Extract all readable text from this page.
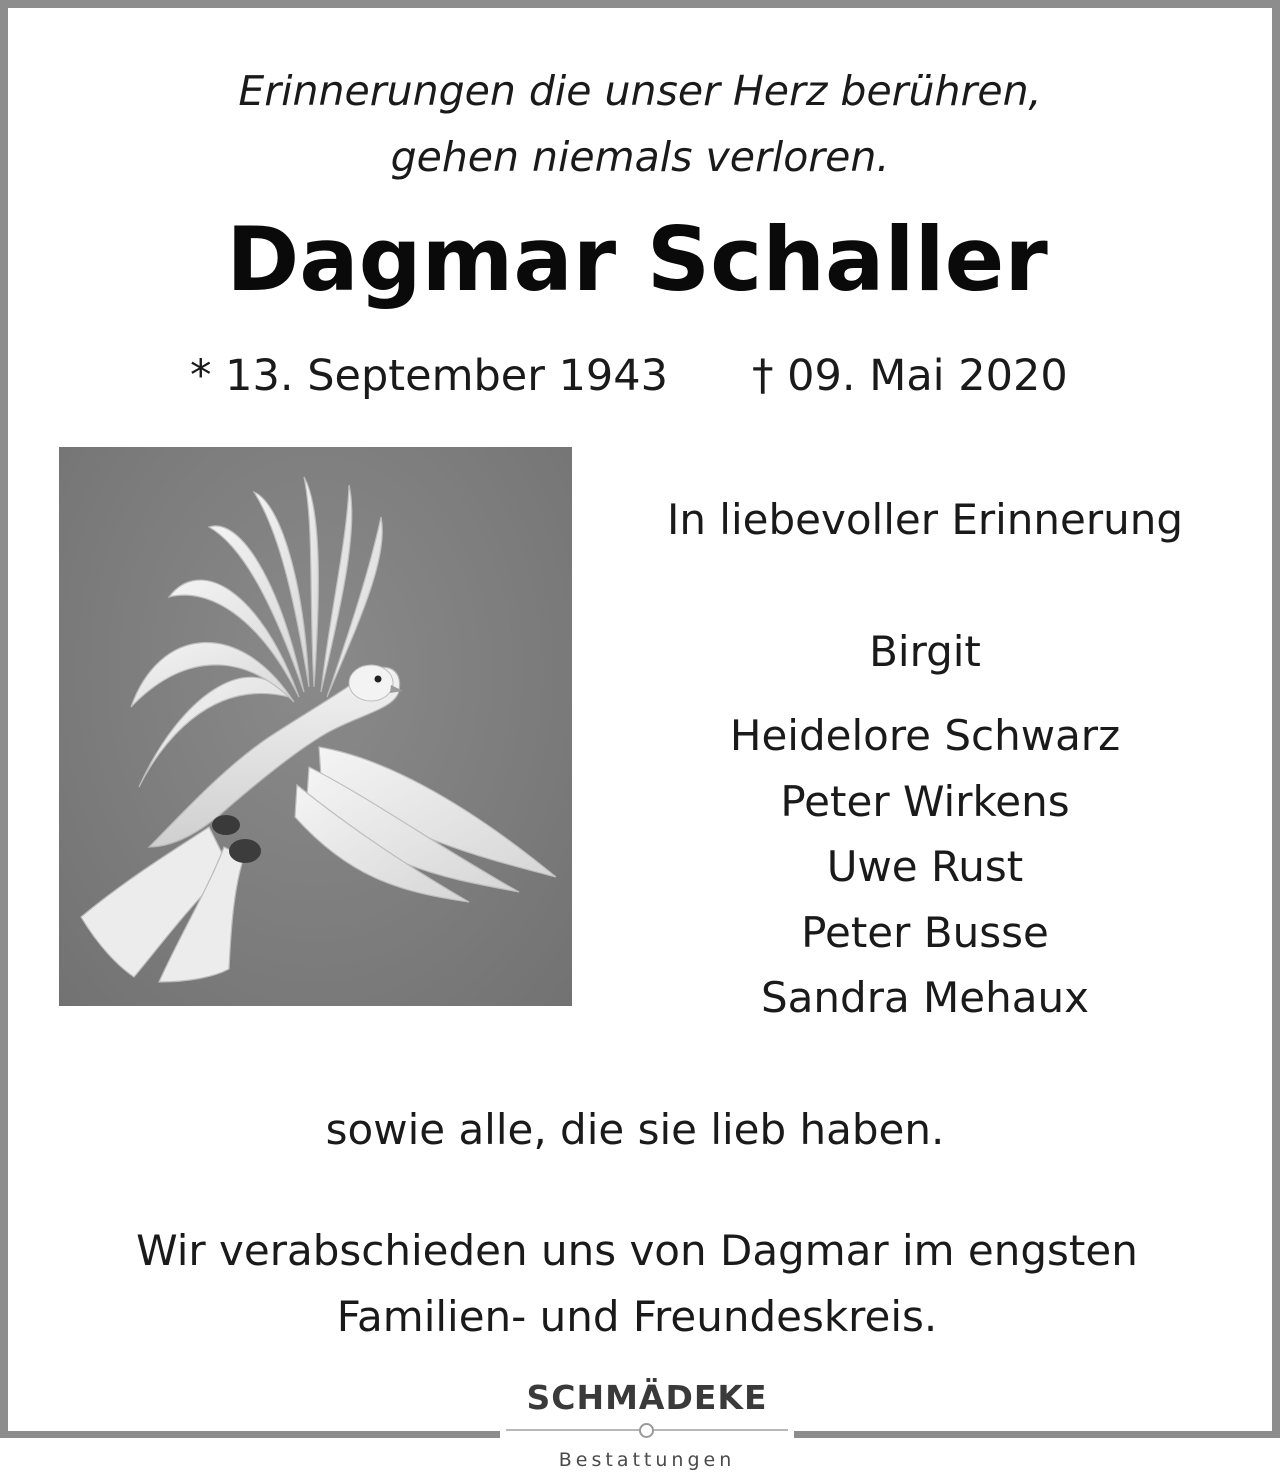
Erinnerungen die unser Herz berühren,
gehen niemals verloren.
Dagmar Schaller
* 13. September 1943 † 09. Mai 2020
In liebevoller Erinnerung
Birgit
Heidelore Schwarz
Peter Wirkens
Uwe Rust
Peter Busse
Sandra Mehaux
sowie alle, die sie lieb haben.
Wir verabschieden uns von Dagmar im engsten
Familien- und Freundeskreis.
SCHMÄDEKE
Bestattungen
